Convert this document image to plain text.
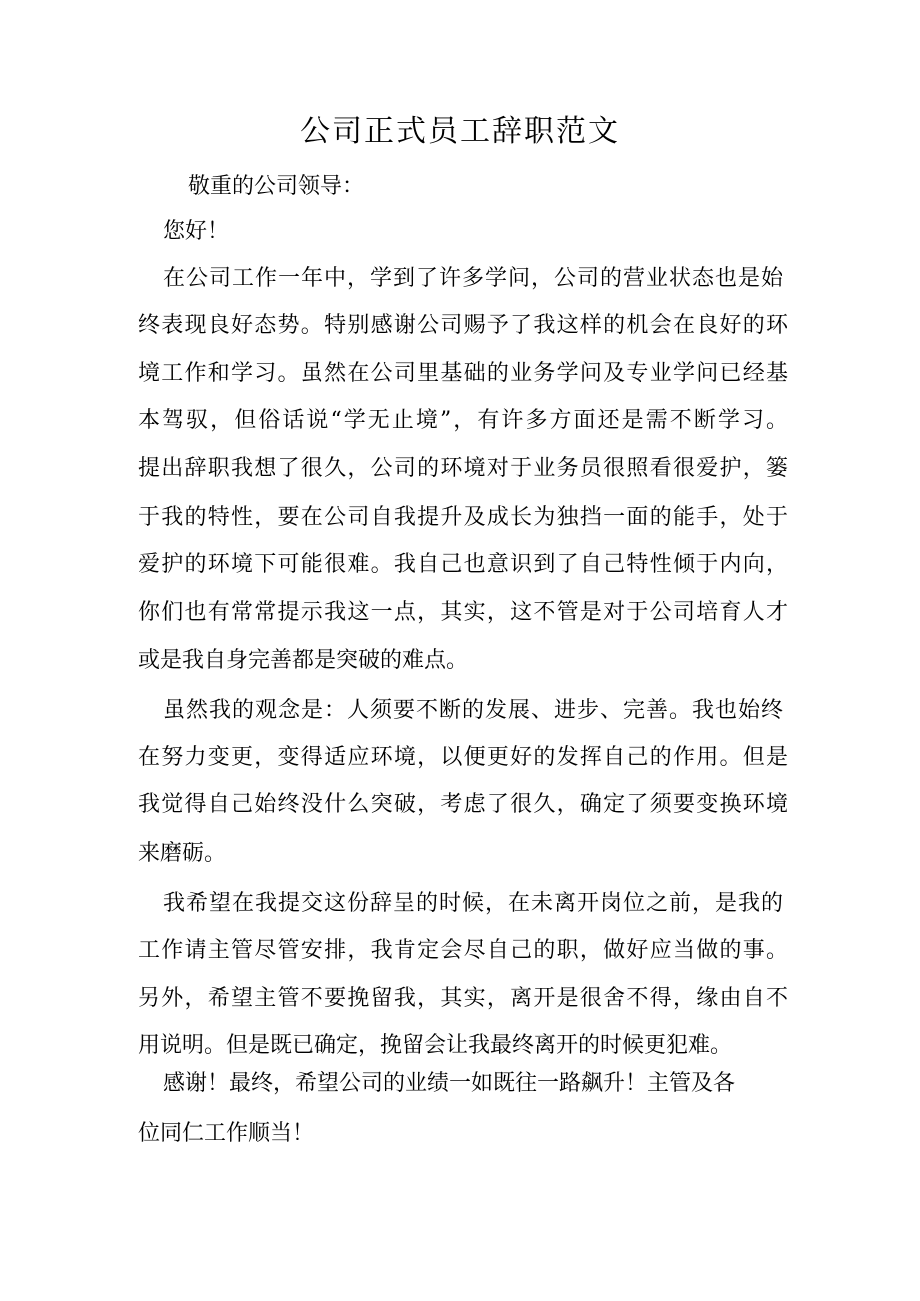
公司正式员工辞职范文

敬重的公司领导：

您好！

在公司工作一年中，学到了许多学问，公司的营业状态也是始

终表现良好态势。特别感谢公司赐予了我这样的机会在良好的环

境工作和学习。虽然在公司里基础的业务学问及专业学问已经基

本驾驭，但俗话说“学无止境”，有许多方面还是需不断学习。

提出辞职我想了很久，公司的环境对于业务员很照看很爱护，篓

于我的特性，要在公司自我提升及成长为独挡一面的能手，处于

爱护的环境下可能很难。我自己也意识到了自己特性倾于内向，

你们也有常常提示我这一点，其实，这不管是对于公司培育人才

或是我自身完善都是突破的难点。

虽然我的观念是：人须要不断的发展、进步、完善。我也始终

在努力变更，变得适应环境，以便更好的发挥自己的作用。但是

我觉得自己始终没什么突破，考虑了很久，确定了须要变换环境

来磨砺。

我希望在我提交这份辞呈的时候，在未离开岗位之前，是我的

工作请主管尽管安排，我肯定会尽自己的职，做好应当做的事。

另外，希望主管不要挽留我，其实，离开是很舍不得，缘由自不

用说明。但是既已确定，挽留会让我最终离开的时候更犯难。

感谢！最终，希望公司的业绩一如既往一路飙升！主管及各

位同仁工作顺当！
